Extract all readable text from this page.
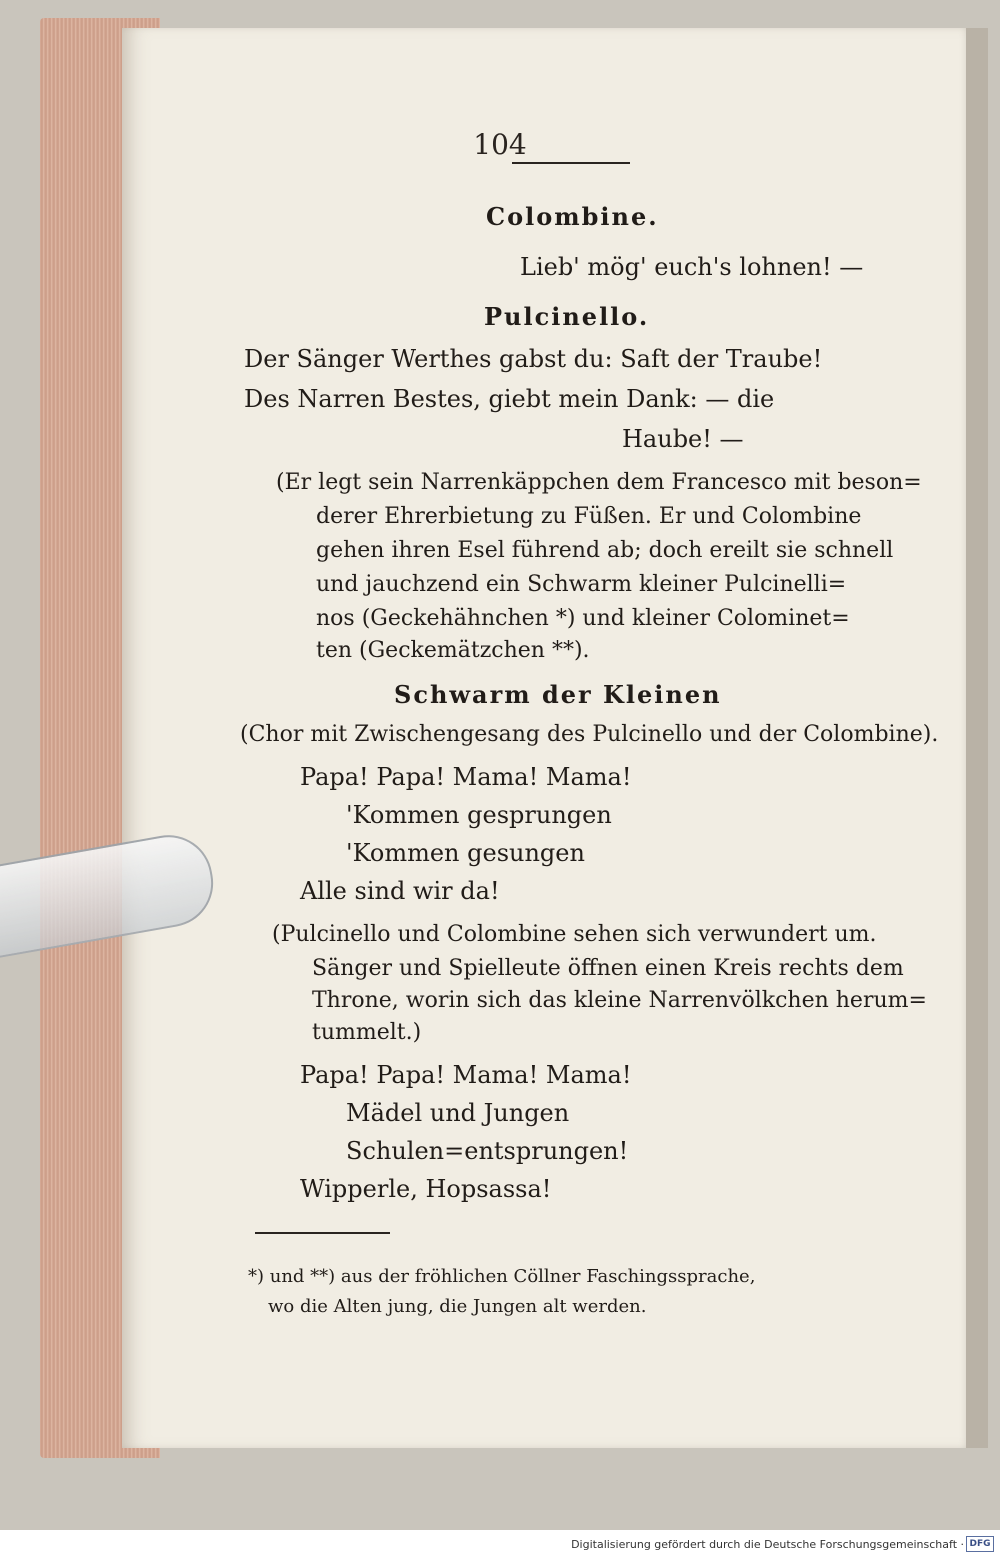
104
Colombine.
Lieb' mög' euch's lohnen! —
Pulcinello.
Der Sänger Werthes gabst du: Saft der Traube!
Des Narren Bestes, giebt mein Dank: — die
Haube! —
(Er legt sein Narrenkäppchen dem Francesco mit beson=
derer Ehrerbietung zu Füßen. Er und Colombine
gehen ihren Esel führend ab; doch ereilt sie schnell
und jauchzend ein Schwarm kleiner Pulcinelli=
nos (Geckehähnchen *) und kleiner Colominet=
ten (Geckemätzchen **).
Schwarm der Kleinen
(Chor mit Zwischengesang des Pulcinello und der Colombine).
Papa! Papa! Mama! Mama!
'Kommen gesprungen
'Kommen gesungen
Alle sind wir da!
(Pulcinello und Colombine sehen sich verwundert um.
Sänger und Spielleute öffnen einen Kreis rechts dem
Throne, worin sich das kleine Narrenvölkchen herum=
tummelt.)
Papa! Papa! Mama! Mama!
Mädel und Jungen
Schulen=entsprungen!
Wipperle, Hopsassa!
*) und **) aus der fröhlichen Cöllner Faschingssprache,
wo die Alten jung, die Jungen alt werden.
Digitalisierung gefördert durch die Deutsche Forschungsgemeinschaft · DFG
